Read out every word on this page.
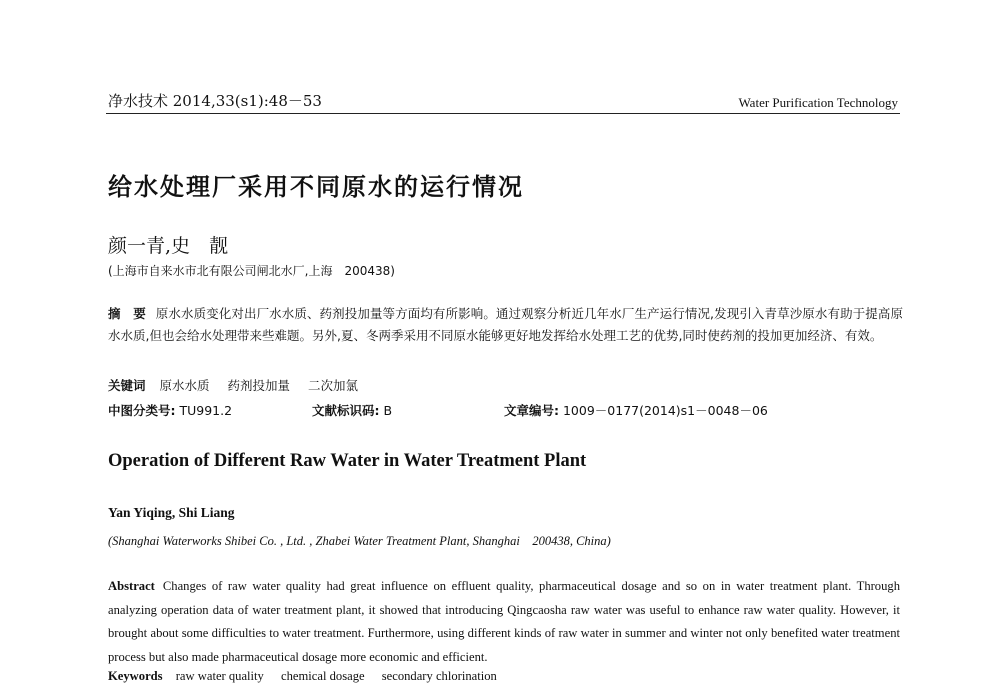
净水技术 2014,33(s1):48－53	Water Purification Technology
给水处理厂采用不同原水的运行情况
颜一青,史　靓
(上海市自来水市北有限公司闸北水厂,上海　200438)
摘　要 原水水质变化对出厂水水质、药剂投加量等方面均有所影响。通过观察分析近几年水厂生产运行情况,发现引入青草沙原水有助于提高原水水质,但也会给水处理带来些难题。另外,夏、冬两季采用不同原水能够更好地发挥给水处理工艺的优势,同时使药剂的投加更加经济、有效。
关键词 原水水质 药剂投加量 二次加氯
中图分类号: TU991.2	文献标识码: B	文章编号: 1009－0177(2014)s1－0048－06
Operation of Different Raw Water in Water Treatment Plant
Yan Yiqing, Shi Liang
(Shanghai Waterworks Shibei Co. , Ltd. , Zhabei Water Treatment Plant, Shanghai　200438, China)
Abstract Changes of raw water quality had great influence on effluent quality, pharmaceutical dosage and so on in water treatment plant. Through analyzing operation data of water treatment plant, it showed that introducing Qingcaosha raw water was useful to enhance raw water quality. However, it brought about some difficulties to water treatment. Furthermore, using different kinds of raw water in summer and winter not only benefited water treatment process but also made pharmaceutical dosage more economic and efficient.
Keywords raw water quality chemical dosage secondary chlorination
